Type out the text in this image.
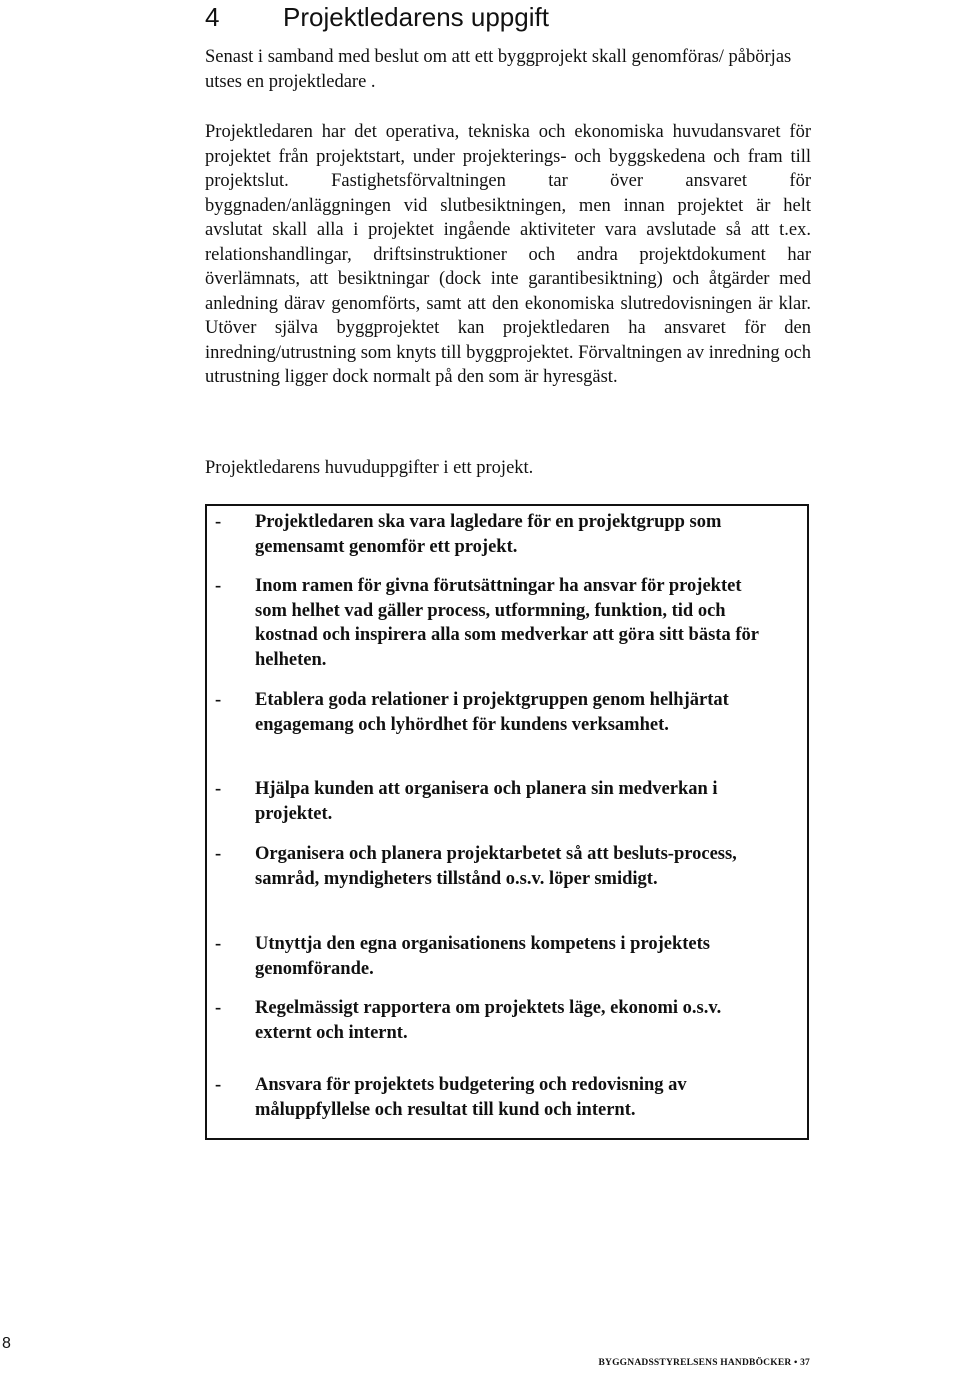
4 Projektledarens uppgift

Senast i samband med beslut om att ett byggprojekt skall genomföras/ påbörjas utses en projektledare .

Projektledaren har det operativa, tekniska och ekonomiska huvudansvaret för projektet från projektstart, under projekterings- och byggskedena och fram till projektslut. Fastighetsförvaltningen tar över ansvaret för byggnaden/anläggningen vid slutbesiktningen, men innan projektet är helt avslutat skall alla i projektet ingående aktiviteter vara avslutade så att t.ex. relationshandlingar, driftsinstruktioner och andra projektdokument har överlämnats, att besiktningar (dock inte garantibesiktning) och åtgärder med anledning därav genomförts, samt att den ekonomiska slutredovisningen är klar. Utöver själva byggprojektet kan projektledaren ha ansvaret för den inredning/utrustning som knyts till byggprojektet. Förvaltningen av inredning och utrustning ligger dock normalt på den som är hyresgäst.

Projektledarens huvuduppgifter i ett projekt.

- Projektledaren ska vara lagledare för en projektgrupp som gemensamt genomför ett projekt.
- Inom ramen för givna förutsättningar ha ansvar för projektet som helhet vad gäller process, utformning, funktion, tid och kostnad och inspirera alla som medverkar att göra sitt bästa för helheten.
- Etablera goda relationer i projektgruppen genom helhjärtat engagemang och lyhördhet för kundens verksamhet.
- Hjälpa kunden att organisera och planera sin medverkan i projektet.
- Organisera och planera projektarbetet så att besluts-process, samråd, myndigheters tillstånd o.s.v. löper smidigt.
- Utnyttja den egna organisationens kompetens i projektets genomförande.
- Regelmässigt rapportera om projektets läge, ekonomi o.s.v. externt och internt.
- Ansvara för projektets budgetering och redovisning av måluppfyllelse och resultat till kund och internt.
8
BYGGNADSSTYRELSENS HANDBÖCKER • 37
